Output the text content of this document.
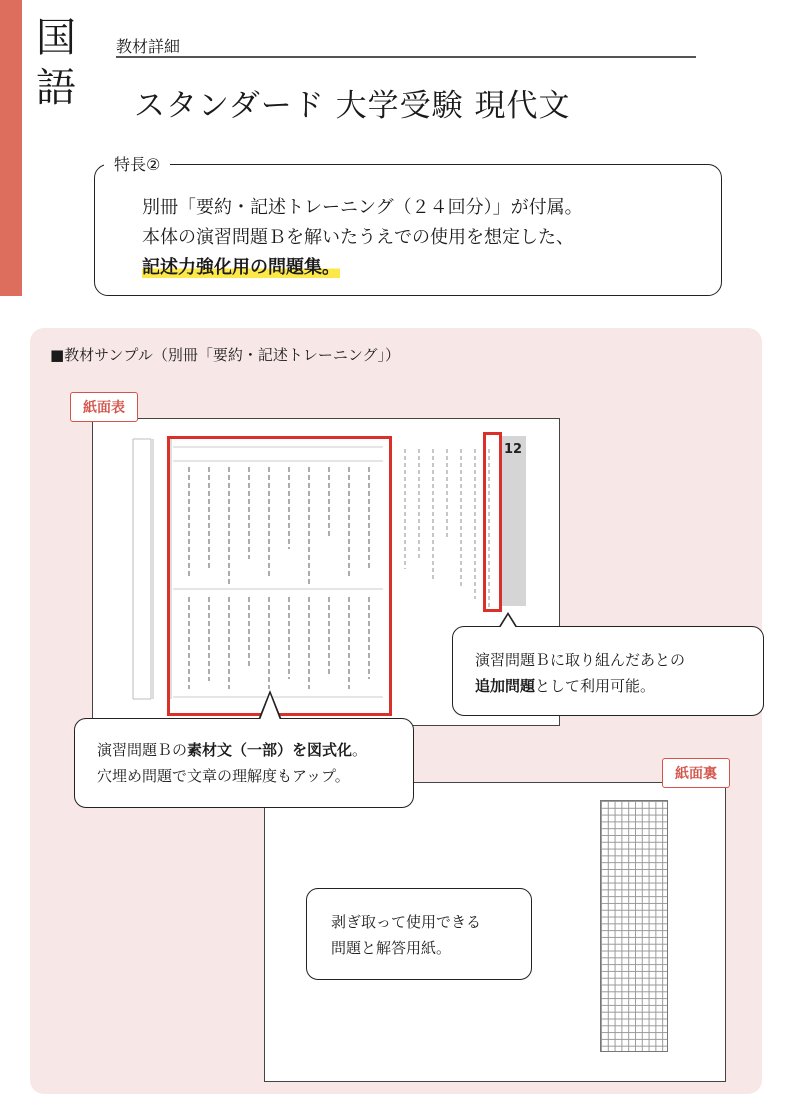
国
語
教材詳細
スタンダード 大学受験 現代文
特長②
別冊「要約・記述トレーニング（２４回分）」が付属。
本体の演習問題Ｂを解いたうえでの使用を想定した、
記述力強化用の問題集。
■教材サンプル（別冊「要約・記述トレーニング」）
12
紙面表
紙面裏
演習問題Ｂに取り組んだあとの
追加問題として利用可能。
演習問題Ｂの素材文（一部）を図式化。
穴埋め問題で文章の理解度もアップ。
剥ぎ取って使用できる
問題と解答用紙。
